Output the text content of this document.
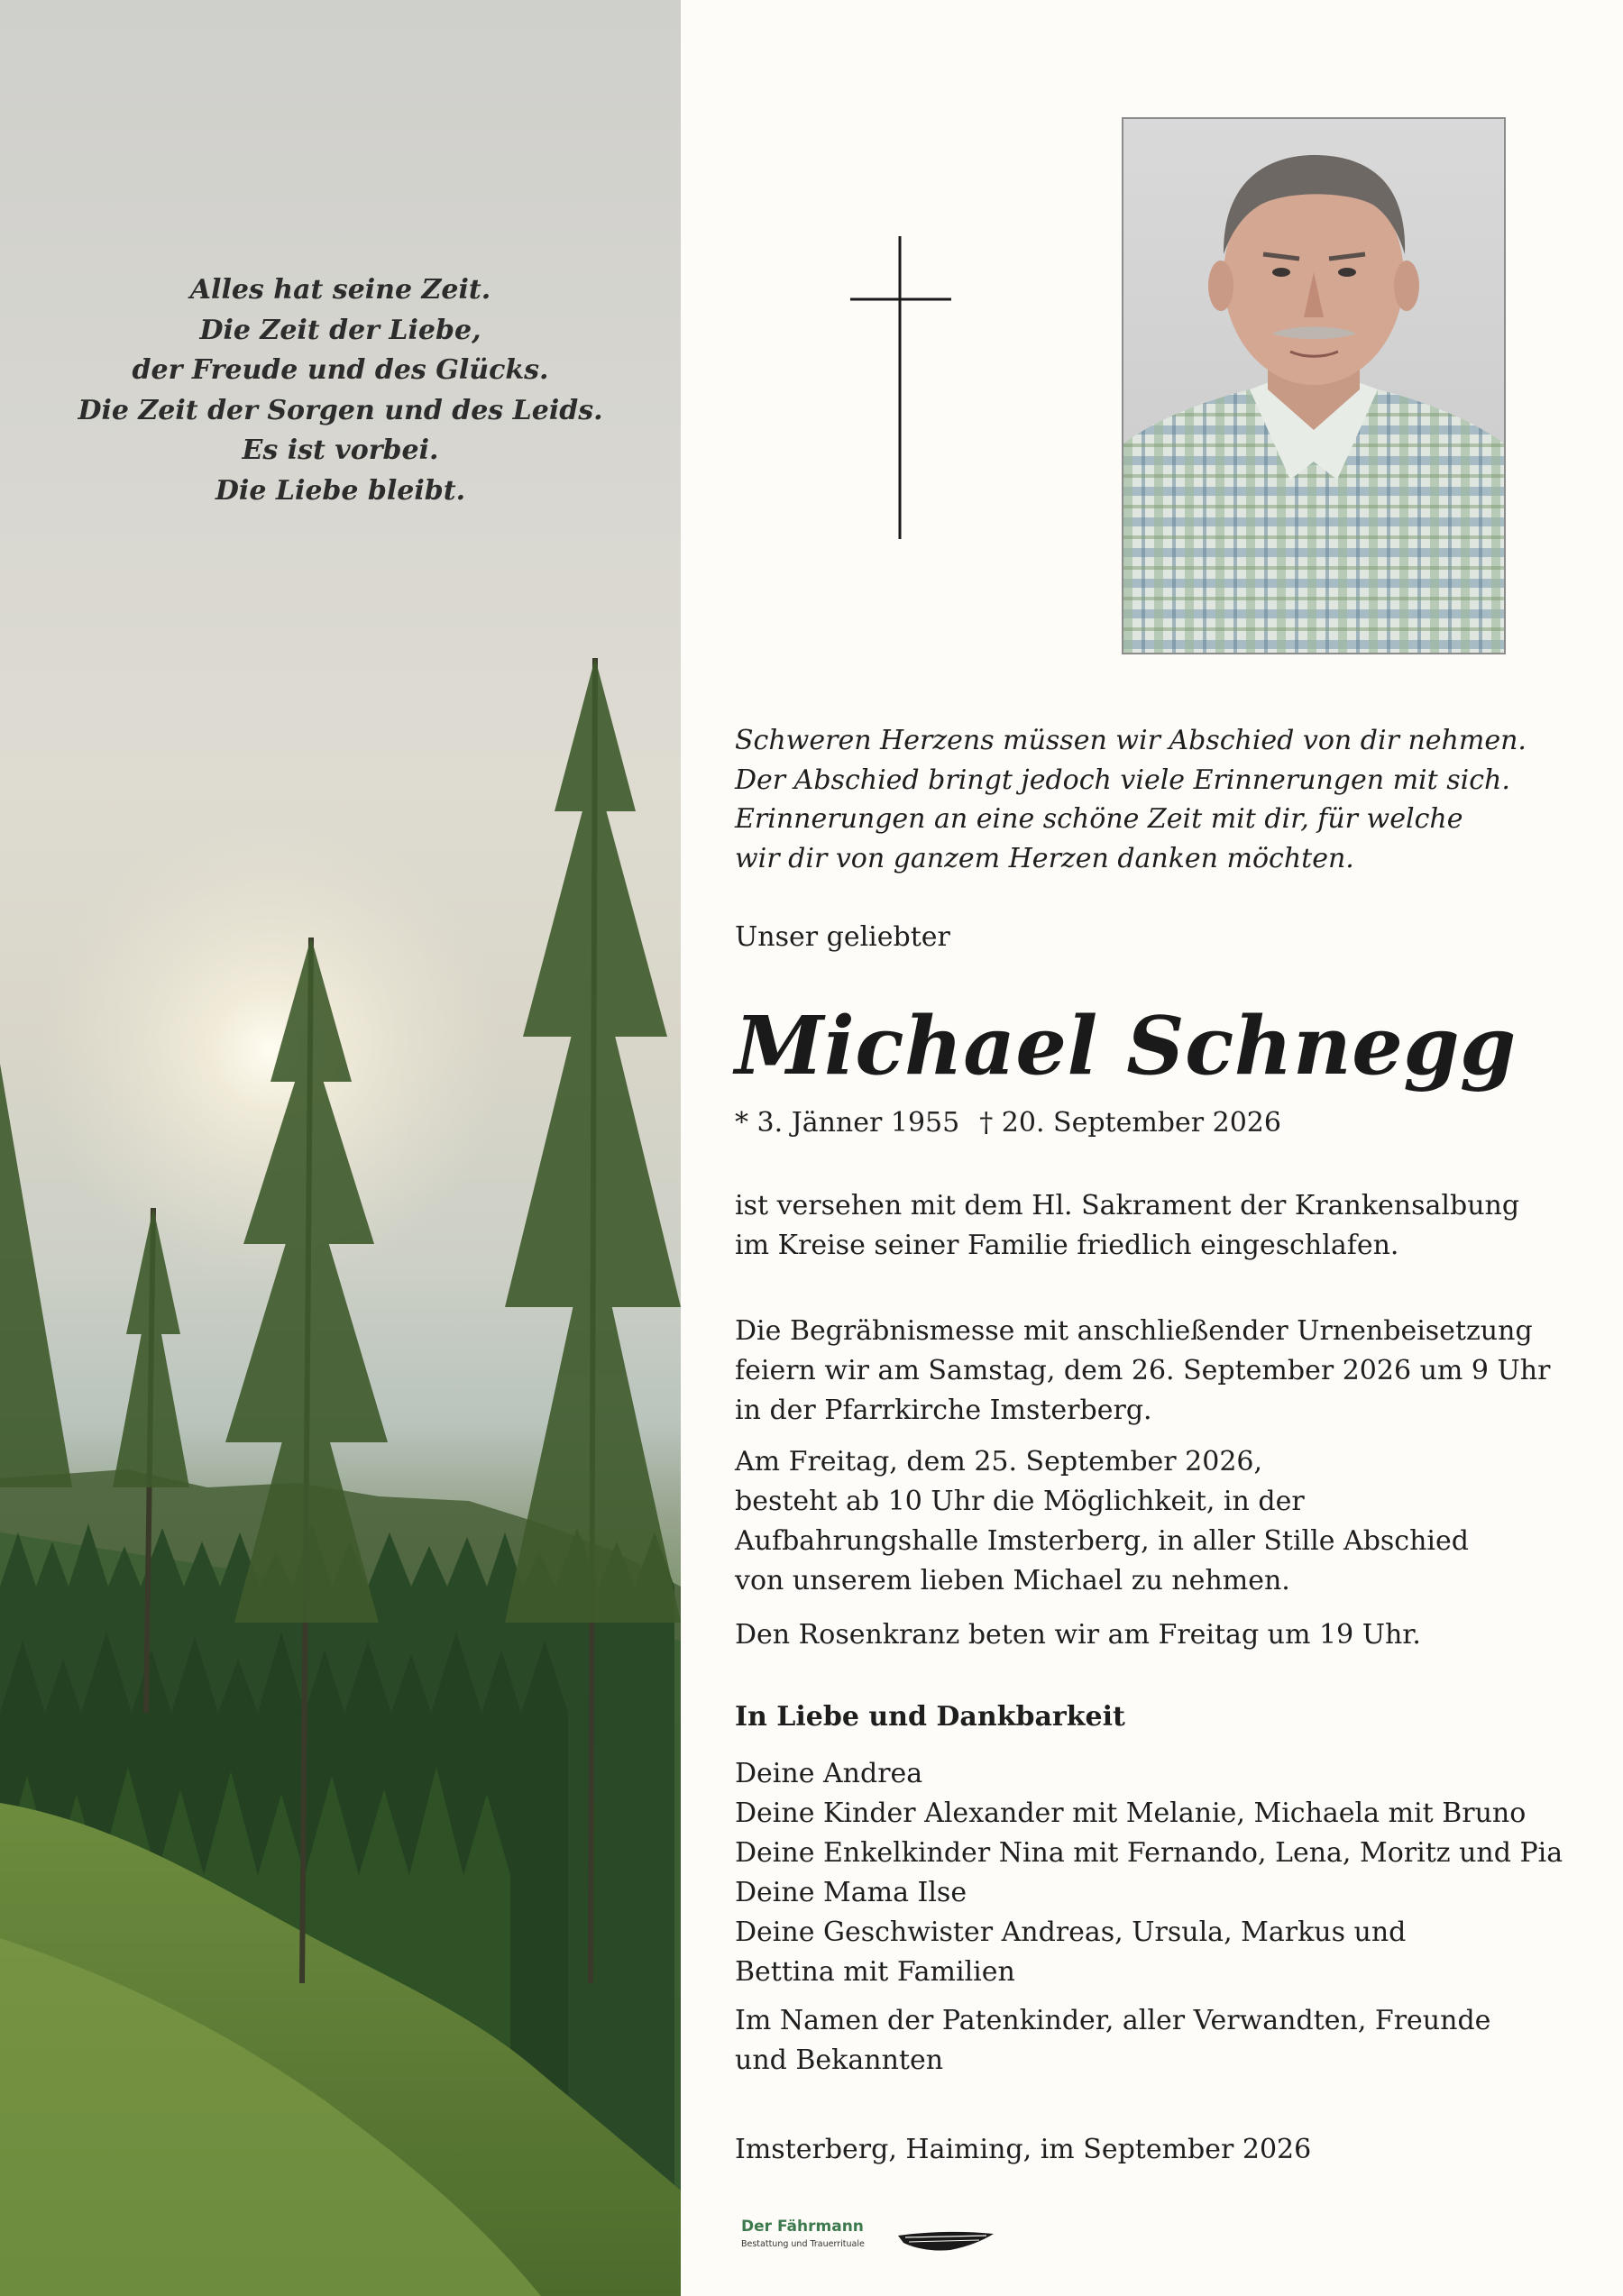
Alles hat seine Zeit.
Die Zeit der Liebe,
der Freude und des Glücks.
Die Zeit der Sorgen und des Leids.
Es ist vorbei.
Die Liebe bleibt.
Schweren Herzens müssen wir Abschied von dir nehmen.
Der Abschied bringt jedoch viele Erinnerungen mit sich.
Erinnerungen an eine schöne Zeit mit dir, für welche
wir dir von ganzem Herzen danken möchten.
Unser geliebter
Michael Schnegg
* 3. Jänner 1955 † 20. September 2026
ist versehen mit dem Hl. Sakrament der Krankensalbung
im Kreise seiner Familie friedlich eingeschlafen.
Die Begräbnismesse mit anschließender Urnenbeisetzung
feiern wir am Samstag, dem 26. September 2026 um 9 Uhr
in der Pfarrkirche Imsterberg.
Am Freitag, dem 25. September 2026,
besteht ab 10 Uhr die Möglichkeit, in der
Aufbahrungshalle Imsterberg, in aller Stille Abschied
von unserem lieben Michael zu nehmen.
Den Rosenkranz beten wir am Freitag um 19 Uhr.
In Liebe und Dankbarkeit
Deine Andrea
Deine Kinder Alexander mit Melanie, Michaela mit Bruno
Deine Enkelkinder Nina mit Fernando, Lena, Moritz und Pia
Deine Mama Ilse
Deine Geschwister Andreas, Ursula, Markus und
Bettina mit Familien
Im Namen der Patenkinder, aller Verwandten, Freunde
und Bekannten
Imsterberg, Haiming, im September 2026
Der Fährmann
Bestattung und Trauerrituale
